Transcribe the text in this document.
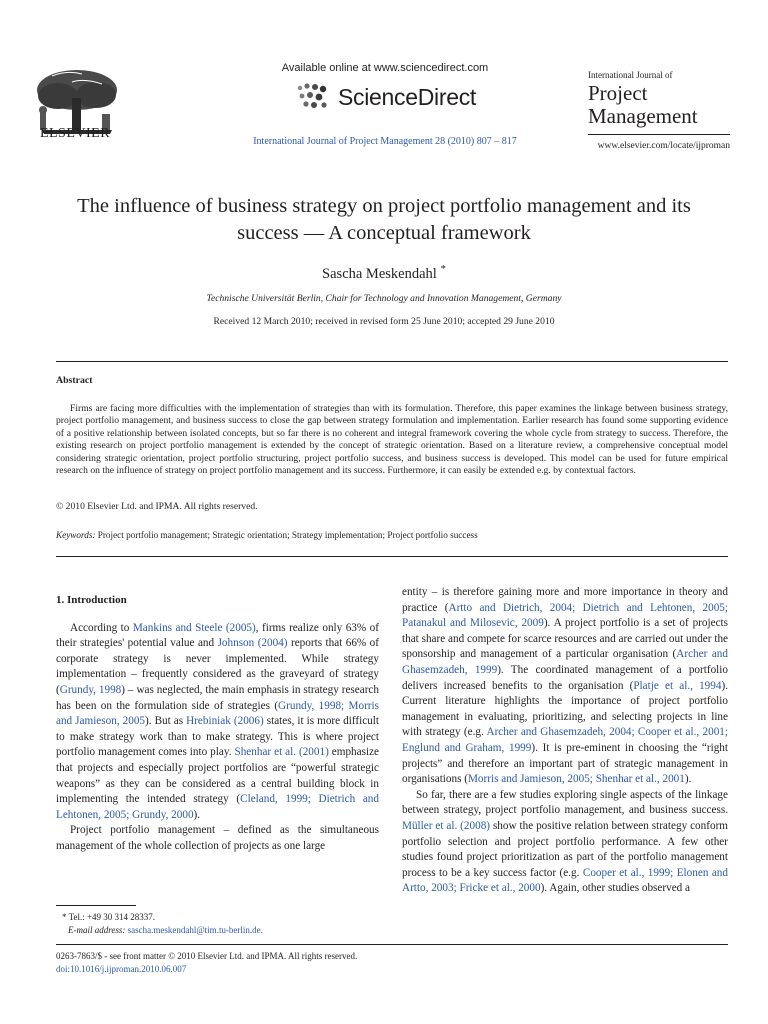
ELSEVIER
Available online at www.sciencedirect.com
ScienceDirect
International Journal of Project Management 28 (2010) 807 – 817
International Journal of
Project
Management
www.elsevier.com/locate/ijproman
The influence of business strategy on project portfolio management and its
success — A conceptual framework
Sascha Meskendahl *
Technische Universität Berlin, Chair for Technology and Innovation Management, Germany
Received 12 March 2010; received in revised form 25 June 2010; accepted 29 June 2010
Abstract
Firms are facing more difficulties with the implementation of strategies than with its formulation. Therefore, this paper examines the linkage between business strategy, project portfolio management, and business success to close the gap between strategy formulation and implementation. Earlier research has found some supporting evidence of a positive relationship between isolated concepts, but so far there is no coherent and integral framework covering the whole cycle from strategy to success. Therefore, the existing research on project portfolio management is extended by the concept of strategic orientation. Based on a literature review, a comprehensive conceptual model considering strategic orientation, project portfolio structuring, project portfolio success, and business success is developed. This model can be used for future empirical research on the influence of strategy on project portfolio management and its success. Furthermore, it can easily be extended e.g. by contextual factors.
© 2010 Elsevier Ltd. and IPMA. All rights reserved.
Keywords: Project portfolio management; Strategic orientation; Strategy implementation; Project portfolio success
1. Introduction

According to Mankins and Steele (2005), firms realize only 63% of their strategies' potential value and Johnson (2004) reports that 66% of corporate strategy is never implemented. While strategy implementation – frequently considered as the graveyard of strategy (Grundy, 1998) – was neglected, the main emphasis in strategy research has been on the formulation side of strategies (Grundy, 1998; Morris and Jamieson, 2005). But as Hrebiniak (2006) states, it is more difficult to make strategy work than to make strategy. This is where project portfolio management comes into play. Shenhar et al. (2001) emphasize that projects and especially project portfolios are “powerful strategic weapons” as they can be considered as a central building block in implementing the intended strategy (Cleland, 1999; Dietrich and Lehtonen, 2005; Grundy, 2000).

Project portfolio management – defined as the simultaneous management of the whole collection of projects as one large

entity – is therefore gaining more and more importance in theory and practice (Artto and Dietrich, 2004; Dietrich and Lehtonen, 2005; Patanakul and Milosevic, 2009). A project portfolio is a set of projects that share and compete for scarce resources and are carried out under the sponsorship and management of a particular organisation (Archer and Ghasemzadeh, 1999). The coordinated management of a portfolio delivers increased benefits to the organisation (Platje et al., 1994). Current literature highlights the importance of project portfolio management in evaluating, prioritizing, and selecting projects in line with strategy (e.g. Archer and Ghasemzadeh, 2004; Cooper et al., 2001; Englund and Graham, 1999). It is pre-eminent in choosing the “right projects” and therefore an important part of strategic management in organisations (Morris and Jamieson, 2005; Shenhar et al., 2001).

So far, there are a few studies exploring single aspects of the linkage between strategy, project portfolio management, and business success. Müller et al. (2008) show the positive relation between strategy conform portfolio selection and project portfolio performance. A few other studies found project prioritization as part of the portfolio management process to be a key success factor (e.g. Cooper et al., 1999; Elonen and Artto, 2003; Fricke et al., 2000). Again, other studies observed a

* Tel.: +49 30 314 28337.
E-mail address: sascha.meskendahl@tim.tu-berlin.de.
0263-7863/$ - see front matter © 2010 Elsevier Ltd. and IPMA. All rights reserved.
doi:10.1016/j.ijproman.2010.06.007
